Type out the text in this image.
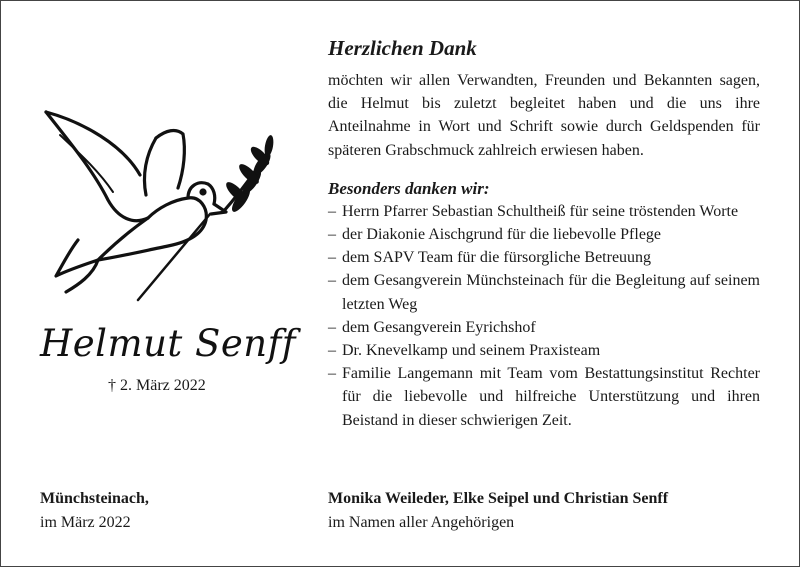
Helmut Senff
† 2. März 2022
Münchsteinach,
im März 2022
Herzlichen Dank

möchten wir allen Verwandten, Freunden und Bekannten sagen, die Helmut bis zuletzt begleitet haben und die uns ihre Anteilnahme in Wort und Schrift sowie durch Geldspenden für späteren Grabschmuck zahlreich erwiesen haben.

Besonders danken wir:
– Herrn Pfarrer Sebastian Schultheiß für seine tröstenden Worte
– der Diakonie Aischgrund für die liebevolle Pflege
– dem SAPV Team für die fürsorgliche Betreuung
– dem Gesangverein Münchsteinach für die Begleitung auf seinem letzten Weg
– dem Gesangverein Eyrichshof
– Dr. Knevelkamp und seinem Praxisteam
– Familie Langemann mit Team vom Bestattungsinstitut Rechter für die liebevolle und hilfreiche Unterstützung und ihren Beistand in dieser schwierigen Zeit.
Monika Weileder, Elke Seipel und Christian Senff
im Namen aller Angehörigen
